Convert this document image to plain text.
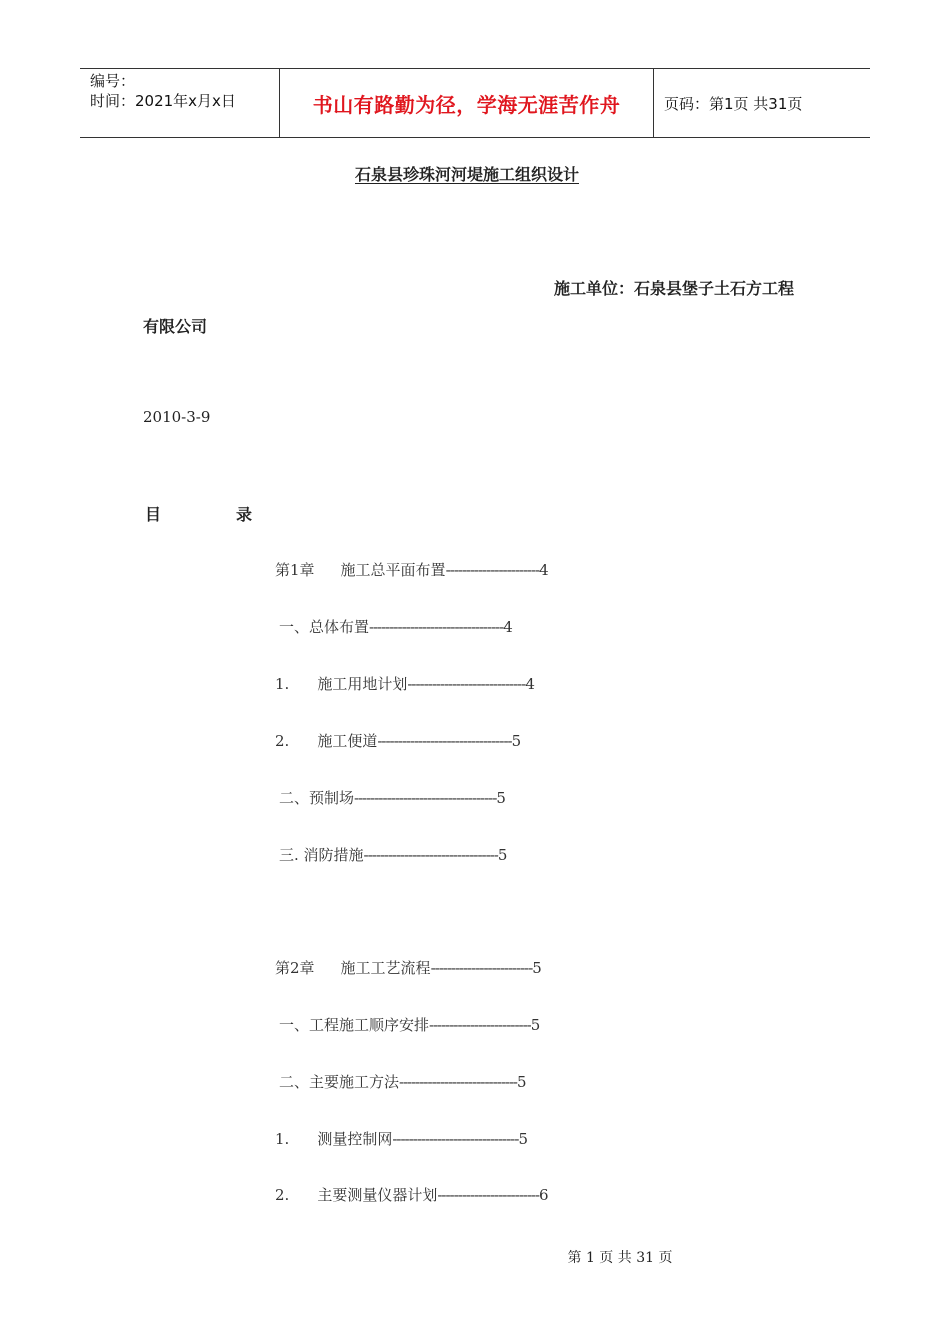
编号：
时间：2021年x月x日	书山有路勤为径，学海无涯苦作舟	页码：第1页 共31页
石泉县珍珠河河堤施工组织设计
施工单位：石泉县堡子土石方工程
有限公司
2010-3-9
目	录
第1章 施工总平面布置-----------------------4
一、总体布置---------------------------------4
1. 施工用地计划-----------------------------4
2. 施工便道---------------------------------5
二、预制场-----------------------------------5
三. 消防措施---------------------------------5
第2章 施工工艺流程-------------------------5
一、工程施工顺序安排-------------------------5
二、主要施工方法-----------------------------5
1. 测量控制网-------------------------------5
2. 主要测量仪器计划-------------------------6
第 1 页 共 31 页
